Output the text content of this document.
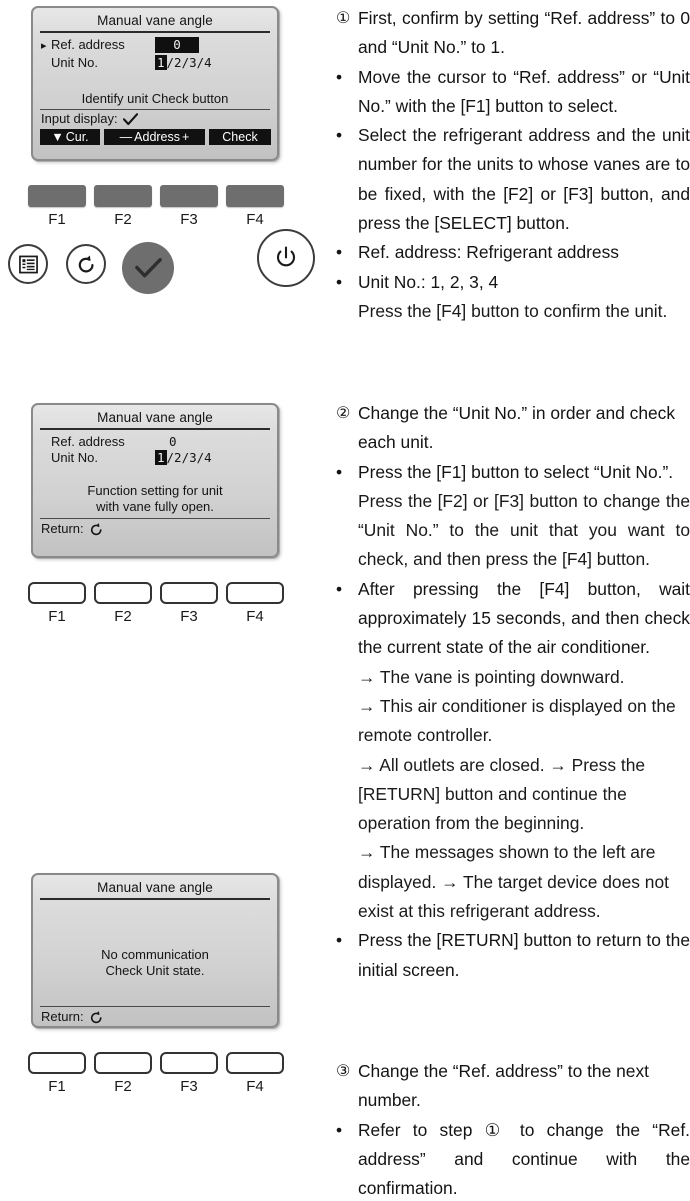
Manual vane angle
▸ Ref. address	0
Unit No.	1 /2/3/4
Identify unit Check button
Input display:
▼ Cur. — Address +	Check
F1	F2	F3	F4
Manual vane angle
Ref. address	0
Unit No.	1 /2/3/4
Function setting for unit
with vane fully open.
Return:
F1	F2	F3	F4
Manual vane angle
No communication
Check Unit state.
Return:
F1	F2	F3	F4
① First, confirm by setting “Ref. address” to 0 and “Unit No.” to 1.
• Move the cursor to “Ref. address” or “Unit No.” with the [F1] button to select.
• Select the refrigerant address and the unit number for the units to whose vanes are to be fixed, with the [F2] or [F3] button, and press the [SELECT] button.
• Ref. address: Refrigerant address
• Unit No.: 1, 2, 3, 4
Press the [F4] button to confirm the unit.
② Change the “Unit No.” in order and check each unit.
• Press the [F1] button to select “Unit No.”.
Press the [F2] or [F3] button to change the “Unit No.” to the unit that you want to check, and then press the [F4] button.
• After pressing the [F4] button, wait approximately 15 seconds, and then check the current state of the air conditioner.
→ The vane is pointing downward.
→ This air conditioner is displayed on the remote controller.
→ All outlets are closed. → Press the [RETURN] button and continue the operation from the beginning.
→ The messages shown to the left are displayed. → The target device does not exist at this refrigerant address.
• Press the [RETURN] button to return to the initial screen.
③ Change the “Ref. address” to the next number.
• Refer to step ① to change the “Ref. address” and continue with the confirmation.
